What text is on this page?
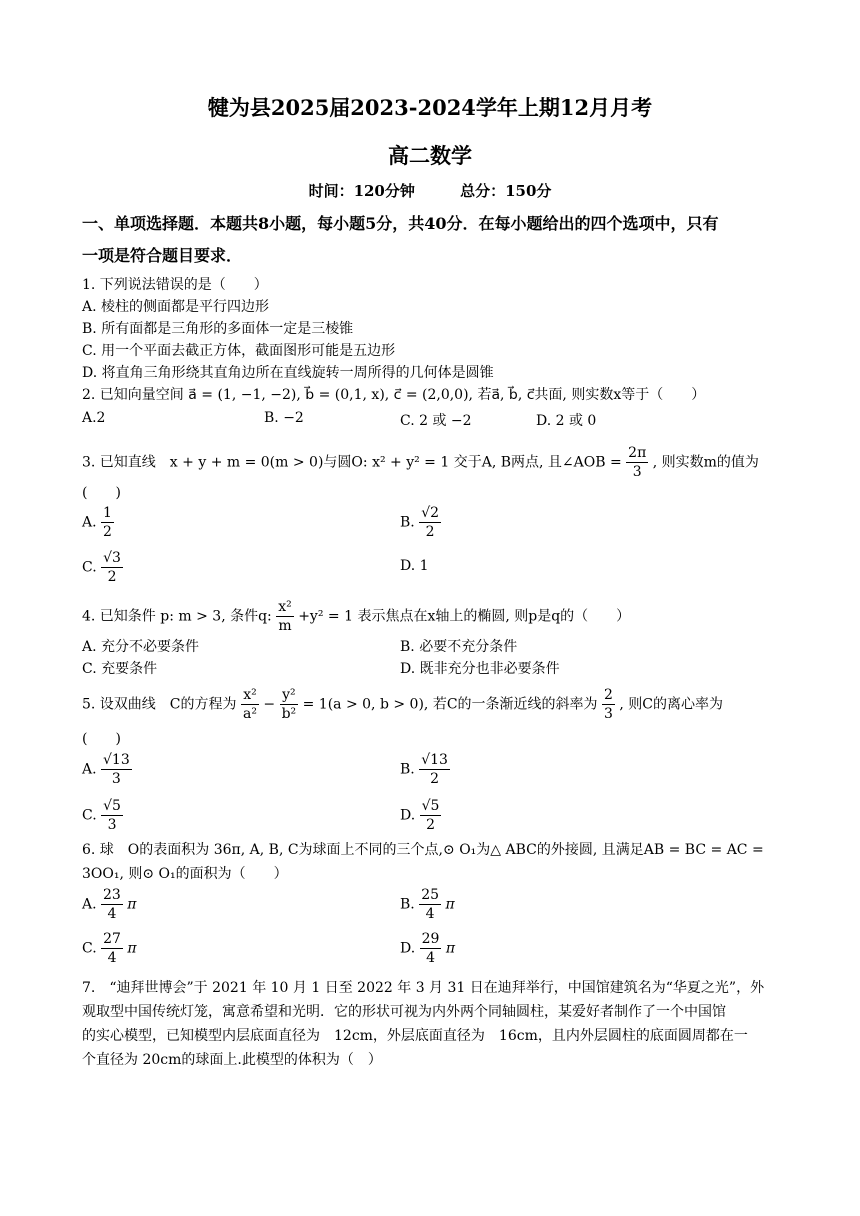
犍为县2025届2023-2024学年上期12月月考
高二数学
时间：120分钟	总分：150分
一、单项选择题．本题共8小题，每小题5分，共40分．在每小题给出的四个选项中，只有
一项是符合题目要求．
1. 下列说法错误的是（　　）
A. 棱柱的侧面都是平行四边形
B. 所有面都是三角形的多面体一定是三棱锥
C. 用一个平面去截正方体，截面图形可能是五边形
D. 将直角三角形绕其直角边所在直线旋转一周所得的几何体是圆锥
2. 已知向量空间 a⃗ = (1, −1, −2), b⃗ = (0,1, x), c⃗ = (2,0,0), 若a⃗, b⃗, c⃗共面, 则实数x等于（　　）
A.2	B. −2	C. 2 或 −2	D. 2 或 0
3. 已知直线　x + y + m = 0(m > 0)与圆O: x² + y² = 1 交于A, B两点, 且∠AOB = $\frac{2\pi}{3}$ , 则实数m的值为
(　　)
A. $\frac{1}{2}$	B. $\frac{√2}{2}$
C. $\frac{√3}{2}$	D. 1
4. 已知条件 p: m > 3, 条件q: $\frac{\text{x²}}{m} +y^2 = 1$ 表示焦点在x轴上的椭圆, 则p是q的（　　）
A. 充分不必要条件	B. 必要不充分条件
C. 充要条件	D. 既非充分也非必要条件
5. 设双曲线　C的方程为 $\frac{\text{x²}}{\text{a²}} - \frac{\text{y²}}{\text{b²}} = 1(a > 0$, b > 0), 若C的一条渐近线的斜率为 $\frac{2}{3}$ , 则C的离心率为
(　　)
A. $\frac{√13}{3}$	B. $\frac{√13}{2}$
C. $\frac{√5}{3}$	D. $\frac{√5}{2}$
6. 球　O的表面积为 36π, A, B, C为球面上不同的三个点,⊙ O₁为△ ABC的外接圆, 且满足AB = BC = AC =
3OO₁, 则⊙ O₁的面积为（　　）
A. $\frac{23}{4}$ π	B. $\frac{25}{4}$ π
C. $\frac{27}{4}$ π	D. $\frac{29}{4}$ π
7.　“迪拜世博会”于 2021 年 10 月 1 日至 2022 年 3 月 31 日在迪拜举行，中国馆建筑名为“华夏之光”，外
观取型中国传统灯笼，寓意希望和光明．它的形状可视为内外两个同轴圆柱，某爱好者制作了一个中国馆
的实心模型，已知模型内层底面直径为　12cm，外层底面直径为　16cm，且内外层圆柱的底面圆周都在一
个直径为 20cm的球面上.此模型的体积为（　）
